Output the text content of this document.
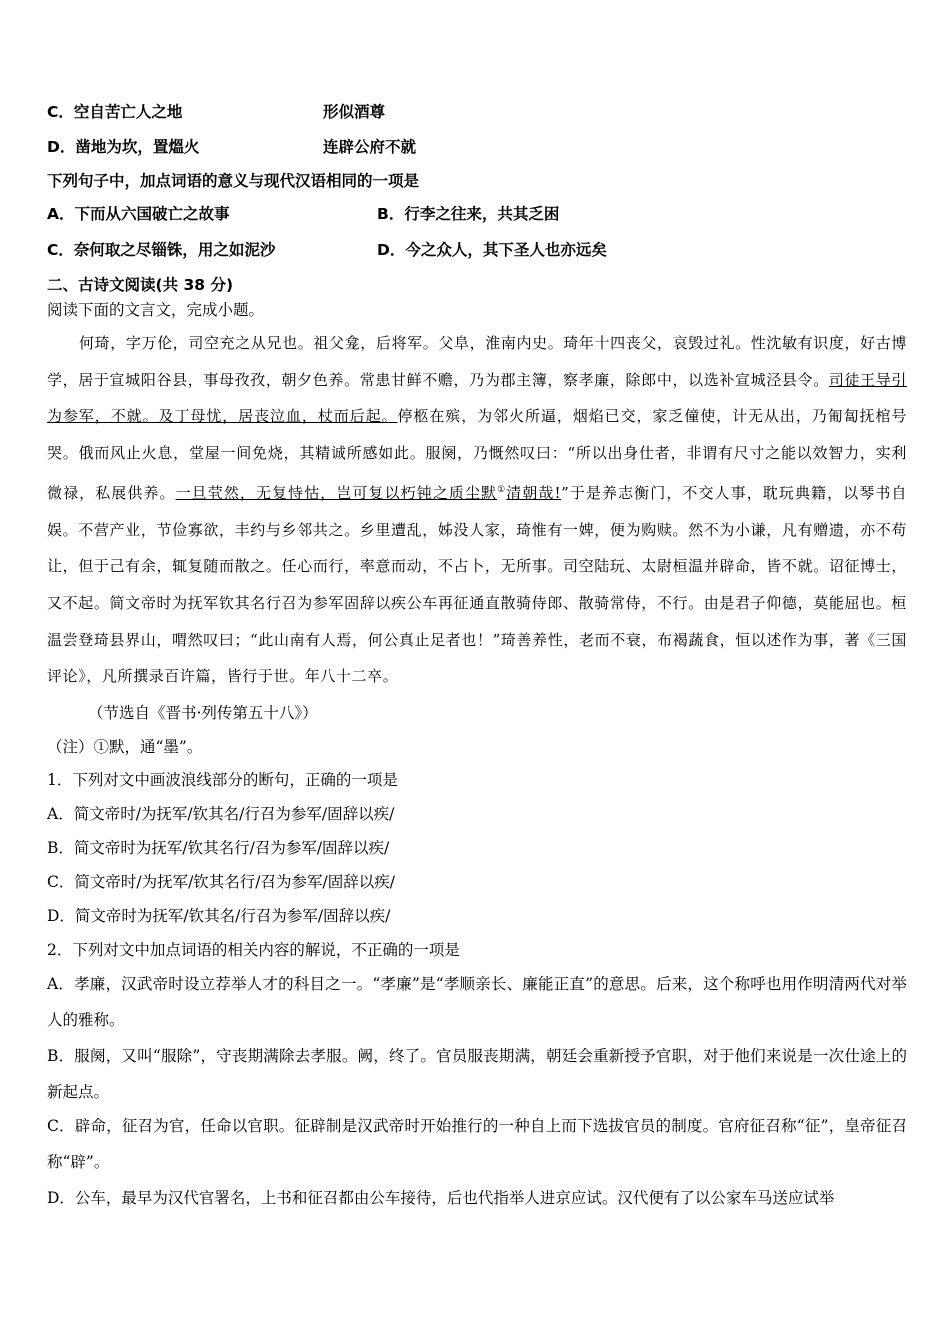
C．空自苦亡人之地	形似酒尊
D．凿地为坎，置熅火	连辟公府不就
下列句子中，加点词语的意义与现代汉语相同的一项是
A．下而从六国破亡之故事	B．行李之往来，共其乏困
C．奈何取之尽锱铢，用之如泥沙	D．今之众人，其下圣人也亦远矣
二、古诗文阅读(共 38 分)
阅读下面的文言文，完成小题。
何琦，字万伦，司空充之从兄也。祖父龛，后将军。父阜，淮南内史。琦年十四丧父，哀毁过礼。性沈敏有识度，好古博学，居于宣城阳谷县，事母孜孜，朝夕色养。常患甘鲜不赡，乃为郡主簿，察孝廉，除郎中，以选补宣城泾县令。司徒王导引为参军，不就。及丁母忧，居丧泣血，杖而后起。停柩在殡，为邻火所逼，烟焰已交，家乏僮使，计无从出，乃匍匐抚棺号哭。俄而风止火息，堂屋一间免烧，其精诚所感如此。服阕，乃慨然叹曰：“所以出身仕者，非谓有尺寸之能以效智力，实利微禄，私展供养。一旦茕然，无复恃怙，岂可复以朽钝之质尘默①清朝哉!”于是养志衡门，不交人事，耽玩典籍，以琴书自娱。不营产业，节俭寡欲，丰约与乡邻共之。乡里遭乱，姊没人家，琦惟有一婢，便为购赎。然不为小谦，凡有赠遗，亦不苟让，但于己有余，辄复随而散之。任心而行，率意而动，不占卜，无所事。司空陆玩、太尉桓温并辟命，皆不就。诏征博士，又不起。简文帝时为抚军钦其名行召为参军固辞以疾公车再征通直散骑侍郎、散骑常侍，不行。由是君子仰德，莫能屈也。桓温尝登琦县界山，喟然叹曰；“此山南有人焉，何公真止足者也！”琦善养性，老而不衰，布褐蔬食，恒以述作为事，著《三国评论》，凡所撰录百许篇，皆行于世。年八十二卒。
（节选自《晋书·列传第五十八》）
（注）①默，通“墨”。
1．下列对文中画波浪线部分的断句，正确的一项是
A．简文帝时/为抚军/钦其名/行召为参军/固辞以疾/
B．简文帝时为抚军/钦其名行/召为参军/固辞以疾/
C．简文帝时/为抚军/钦其名行/召为参军/固辞以疾/
D．简文帝时为抚军/钦其名/行召为参军/固辞以疾/
2．下列对文中加点词语的相关内容的解说，不正确的一项是
A．孝廉，汉武帝时设立荐举人才的科目之一。“孝廉”是“孝顺亲长、廉能正直”的意思。后来，这个称呼也用作明清两代对举人的雅称。
B．服阕，又叫“服除”，守丧期满除去孝服。阙，终了。官员服丧期满，朝廷会重新授予官职，对于他们来说是一次仕途上的新起点。
C．辟命，征召为官，任命以官职。征辟制是汉武帝时开始推行的一种自上而下选拔官员的制度。官府征召称“征”，皇帝征召称“辟”。
D．公车，最早为汉代官署名，上书和征召都由公车接待，后也代指举人进京应试。汉代便有了以公家车马送应试举
